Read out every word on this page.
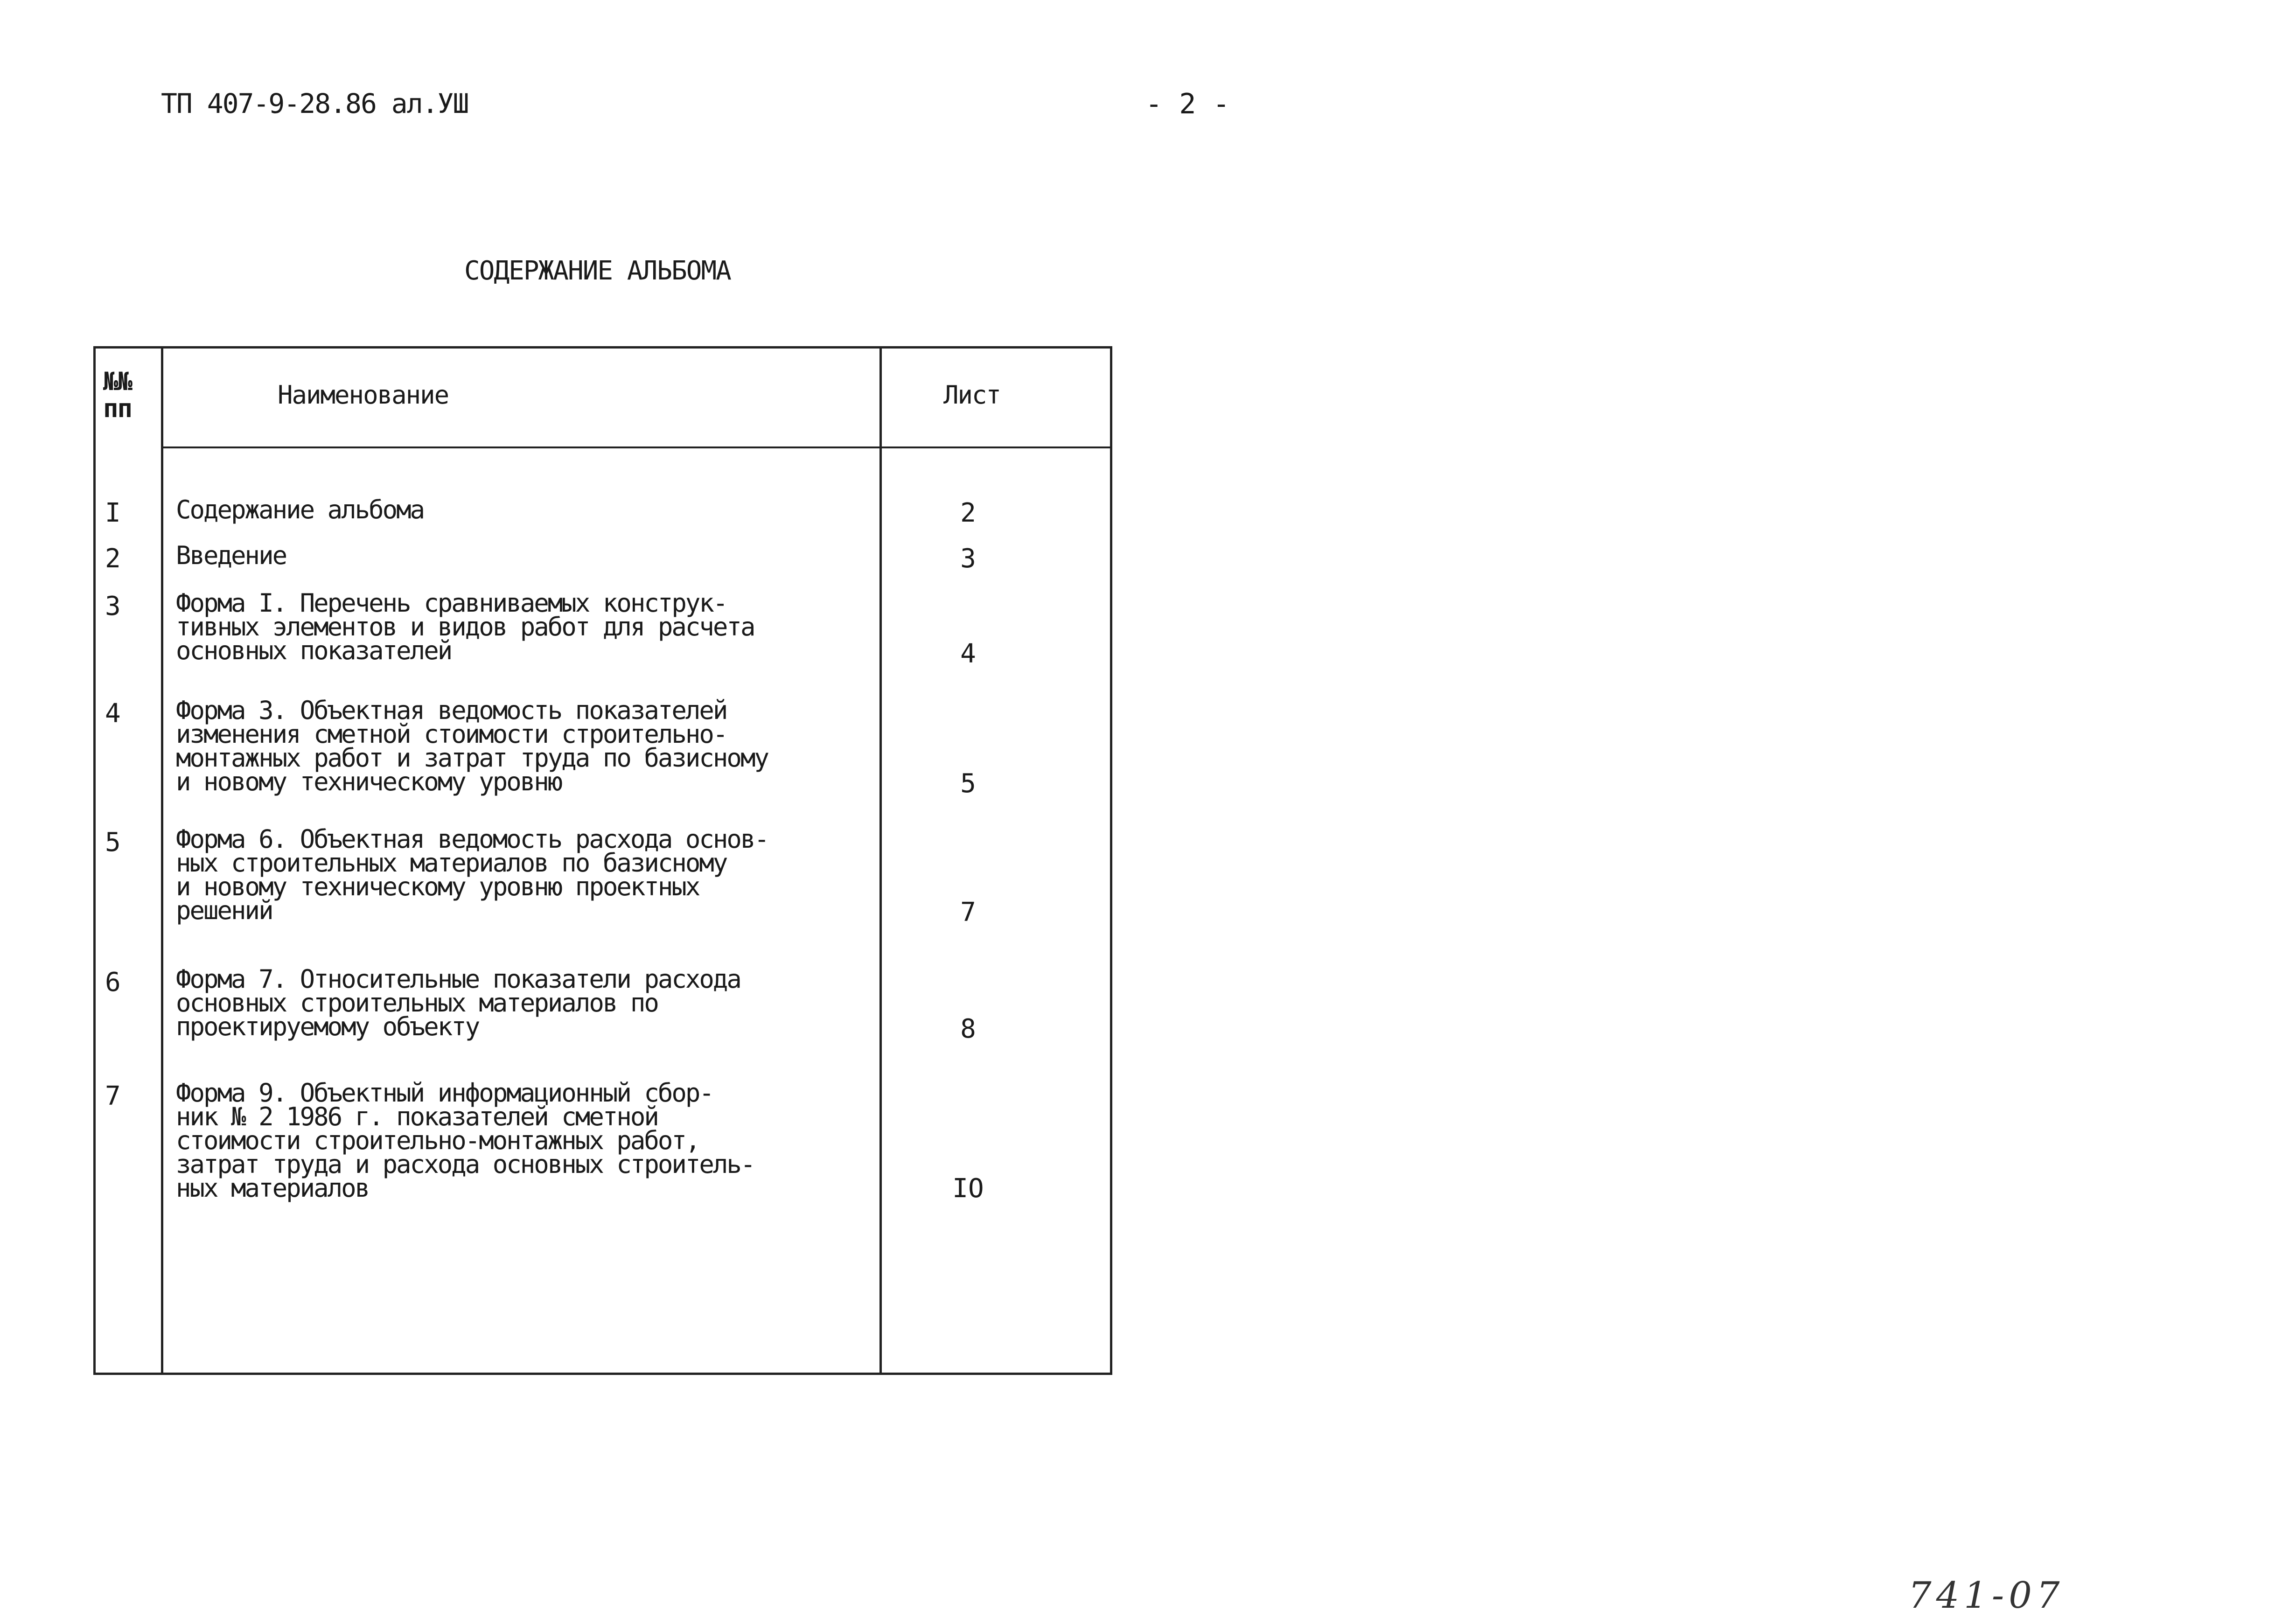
ТП 407-9-28.86 ал.УШ	- 2 -
СОДЕРЖАНИЕ АЛЬБОМА
№№
пп	Наименование	Лист
I Содержание альбома	2
2 Введение	3
3 Форма I. Перечень сравниваемых конструк-
тивных элементов и видов работ для расчета
основных показателей	4
4 Форма 3. Объектная ведомость показателей
изменения сметной стоимости строительно-
монтажных работ и затрат труда по базисному
и новому техническому уровню	5
5 Форма 6. Объектная ведомость расхода основ-
ных строительных материалов по базисному
и новому техническому уровню проектных
решений	7
6 Форма 7. Относительные показатели расхода
основных строительных материалов по
проектируемому объекту	8
7 Форма 9. Объектный информационный сбор-
ник № 2 1986 г. показателей сметной
стоимости строительно-монтажных работ,
затрат труда и расхода основных строитель-
ных материалов	IO
741-07
